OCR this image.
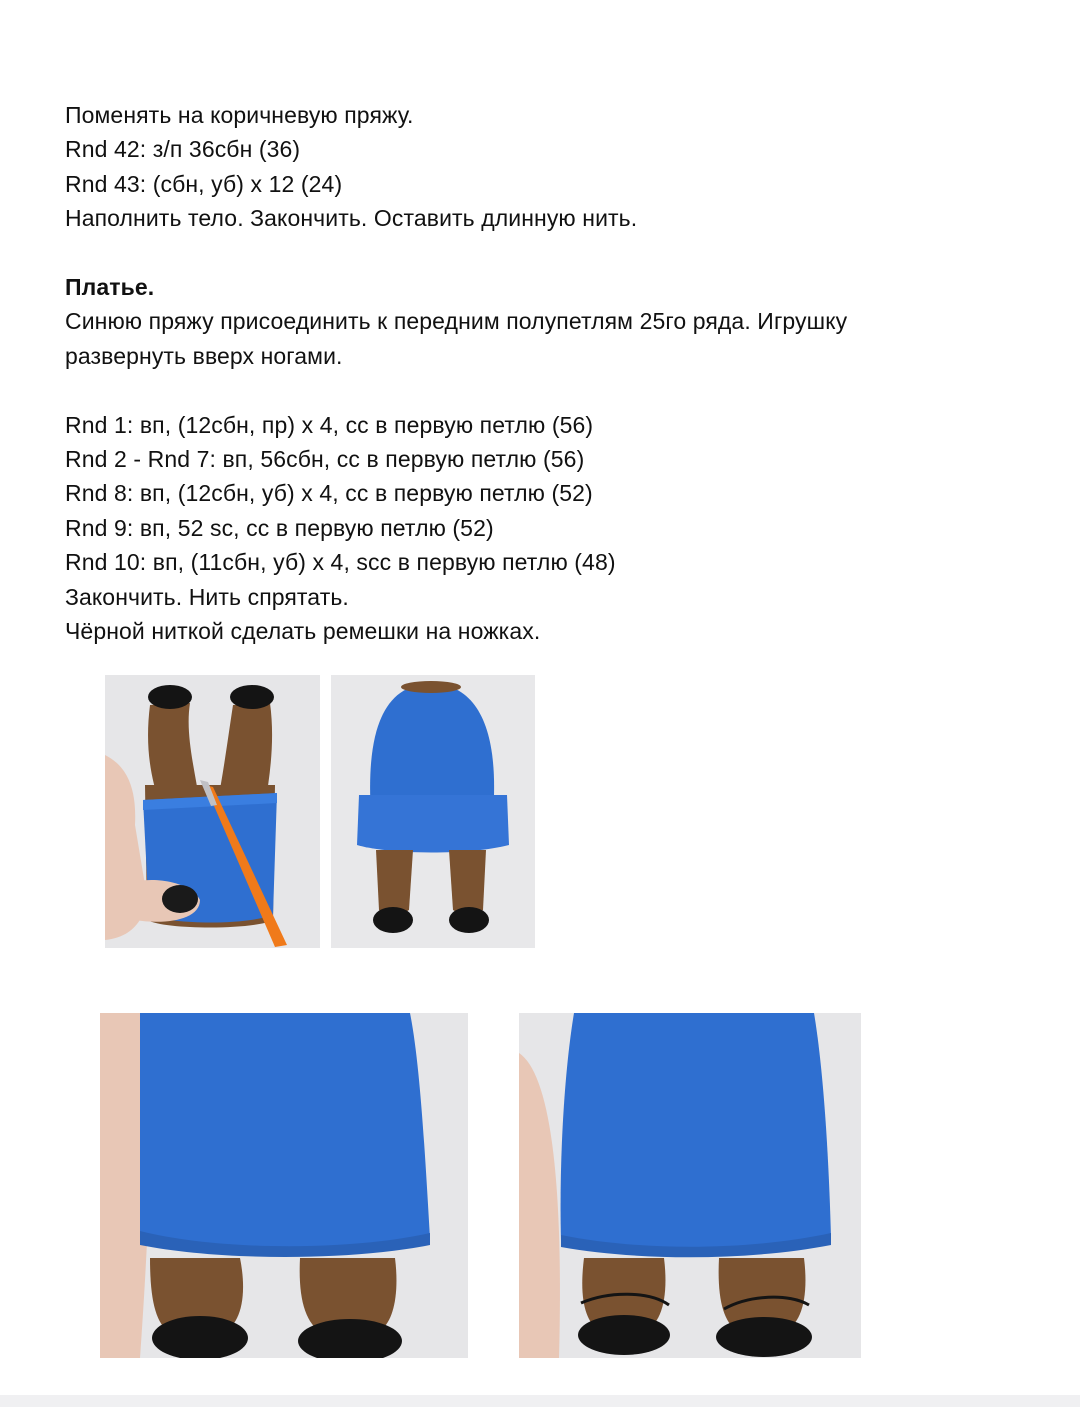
Поменять на коричневую пряжу.
Rnd 42: з/п 36сбн (36)
Rnd 43: (сбн, уб) х 12 (24)
Наполнить тело. Закончить. Оставить длинную нить.
Платье.
Синюю пряжу присоединить к передним полупетлям 25го ряда. Игрушку
развернуть вверх ногами.
Rnd 1: вп, (12сбн, пр) х 4, сс в первую петлю (56)
Rnd 2 - Rnd 7: вп, 56сбн, сс в первую петлю (56)
Rnd 8: вп, (12сбн, уб) х 4, сс в первую петлю (52)
Rnd 9: вп, 52 sc, сс в первую петлю (52)
Rnd 10: вп, (11сбн, уб) х 4, scc в первую петлю (48)
Закончить. Нить спрятать.
Чёрной ниткой сделать ремешки на ножках.
